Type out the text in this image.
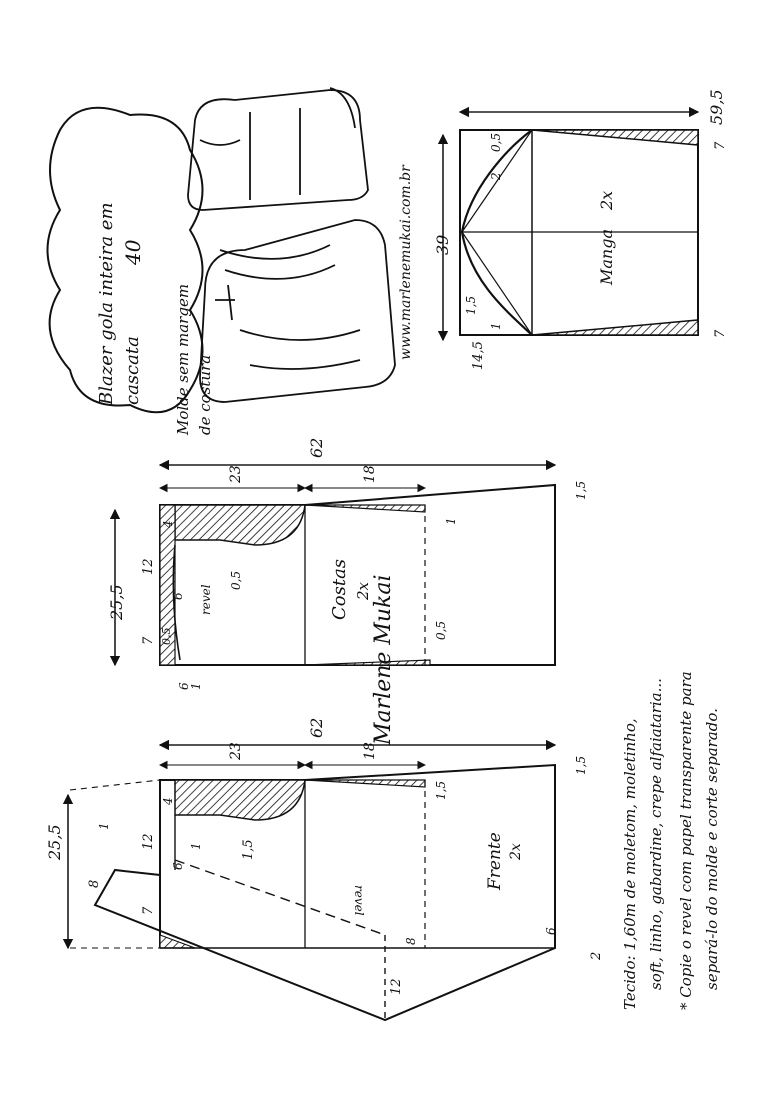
Blazer gola inteira em cascata
40
Molde sem margem de costura
www.marlenemukai.com.br
59,5
39
14,5
1,5
2
0,5
1
7
7
Manga
2x
62
23	18
1,5
1
25,5
4
12
6
7
0,5
0,5	0,5
6
1
revel	Costas 2x Marlene Mukai
62
23	18
1,5
1,5
1,5
25,5
4
12
6
1
8
7
8
12
6
2
1
revel
Frente 2x	Tecido: 1,60m de moletom, moletinho, soft, linho, gabardine, crepe alfaiataria... * Copie o revel com papel transparente para separá-lo do molde e corte separado.
